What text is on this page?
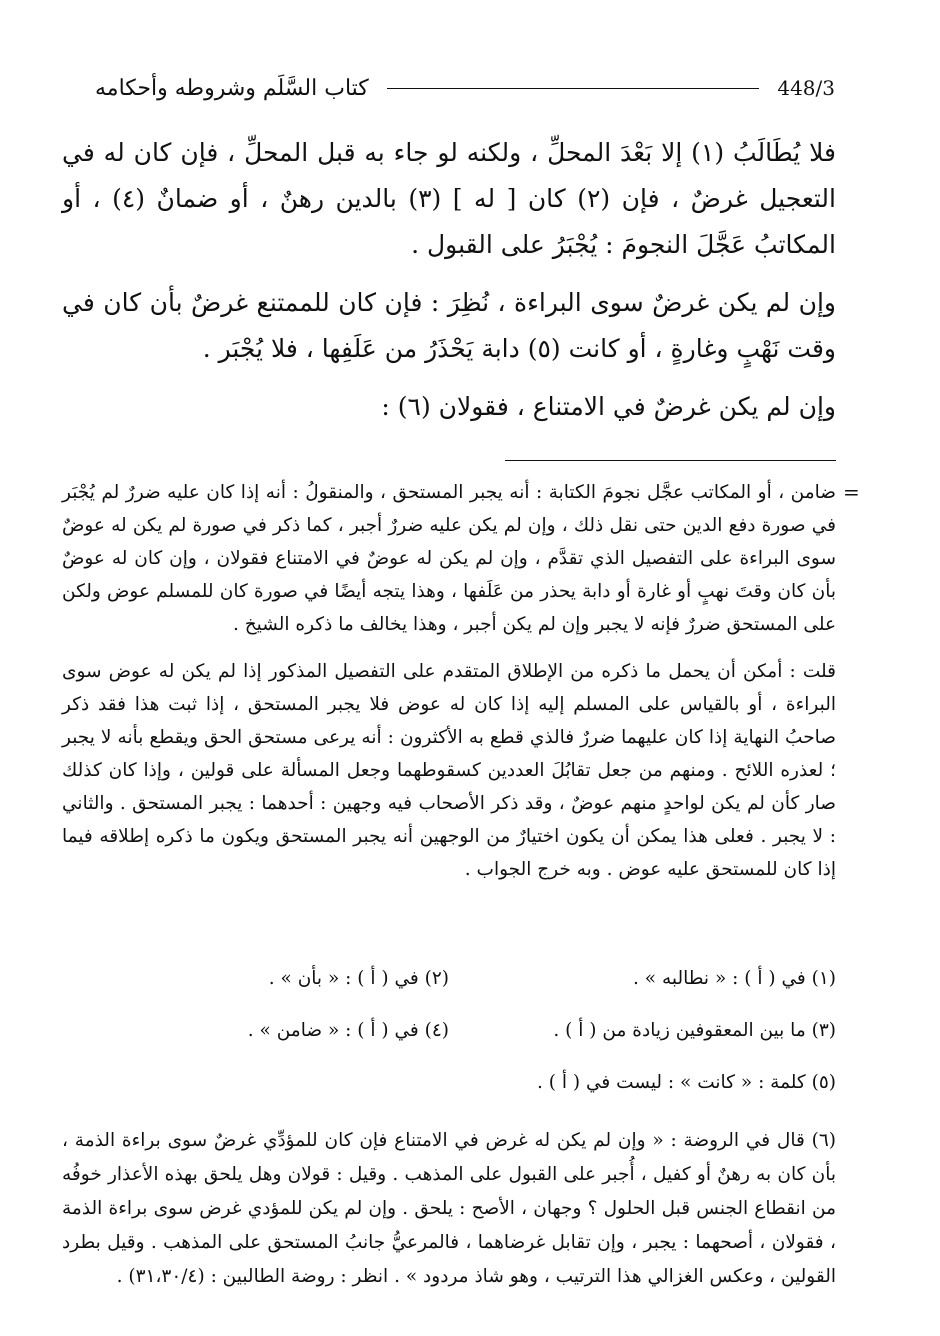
448/3
كتاب السَّلَم وشروطه وأحكامه

فلا يُطَالَبُ (١) إلا بَعْدَ المحلِّ ، ولكنه لو جاء به قبل المحلِّ ، فإن كان له في التعجيل غرضٌ ، فإن (٢) كان [ له ] (٣) بالدين رهنٌ ، أو ضمانٌ (٤) ، أو المكاتبُ عَجَّلَ النجومَ : يُجْبَرُ على القبول .

وإن لم يكن غرضٌ سوى البراءة ، نُظِرَ : فإن كان للممتنع غرضٌ بأن كان في وقت نَهْبٍ وغارةٍ ، أو كانت (٥) دابة يَحْذَرُ من عَلَفِها ، فلا يُجْبَر .

وإن لم يكن غرضٌ في الامتناع ، فقولان (٦) :

=

ضامن ، أو المكاتب عجَّل نجومَ الكتابة : أنه يجبر المستحق ، والمنقولُ : أنه إذا كان عليه ضررٌ لم يُجْبَر في صورة دفع الدين حتى نقل ذلك ، وإن لم يكن عليه ضررٌ أجبر ، كما ذكر في صورة لم يكن له عوضٌ سوى البراءة على التفصيل الذي تقدَّم ، وإن لم يكن له عوضٌ في الامتناع فقولان ، وإن كان له عوضٌ بأن كان وقتَ نهبٍ أو غارة أو دابة يحذر من عَلَفها ، وهذا يتجه أيضًا في صورة كان للمسلم عوض ولكن على المستحق ضررٌ فإنه لا يجبر وإن لم يكن أجبر ، وهذا يخالف ما ذكره الشيخ .

قلت : أمكن أن يحمل ما ذكره من الإطلاق المتقدم على التفصيل المذكور إذا لم يكن له عوض سوى البراءة ، أو بالقياس على المسلم إليه إذا كان له عوض فلا يجبر المستحق ، إذا ثبت هذا فقد ذكر صاحبُ النهاية إذا كان عليهما ضررٌ فالذي قطع به الأكثرون : أنه يرعى مستحق الحق ويقطع بأنه لا يجبر ؛ لعذره اللائح . ومنهم من جعل تقابُلَ العددين كسقوطهما وجعل المسألة على قولين ، وإذا كان كذلك صار كأن لم يكن لواحدٍ منهم عوضٌ ، وقد ذكر الأصحاب فيه وجهين : أحدهما : يجبر المستحق . والثاني : لا يجبر . فعلى هذا يمكن أن يكون اختيارٌ من الوجهين أنه يجبر المستحق ويكون ما ذكره إطلاقه فيما إذا كان للمستحق عليه عوض . وبه خرج الجواب .

(١) في ( أ ) : « نطالبه » .
(٢) في ( أ ) : « بأن » .
(٣) ما بين المعقوفين زيادة من ( أ ) .
(٤) في ( أ ) : « ضامن » .
(٥) كلمة : « كانت » : ليست في ( أ ) .
(٦) قال في الروضة : « وإن لم يكن له غرض في الامتناع فإن كان للمؤدِّي غرضٌ سوى براءة الذمة ، بأن كان به رهنٌ أو كفيل ، أُجبر على القبول على المذهب . وقيل : قولان وهل يلحق بهذه الأعذار خوفُه من انقطاع الجنس قبل الحلول ؟ وجهان ، الأصح : يلحق . وإن لم يكن للمؤدي غرض سوى براءة الذمة ، فقولان ، أصحهما : يجبر ، وإن تقابل غرضاهما ، فالمرعيُّ جانبُ المستحق على المذهب . وقيل بطرد القولين ، وعكس الغزالي هذا الترتيب ، وهو شاذ مردود » . انظر : روضة الطالبين : (٣١،٣٠/٤) .
